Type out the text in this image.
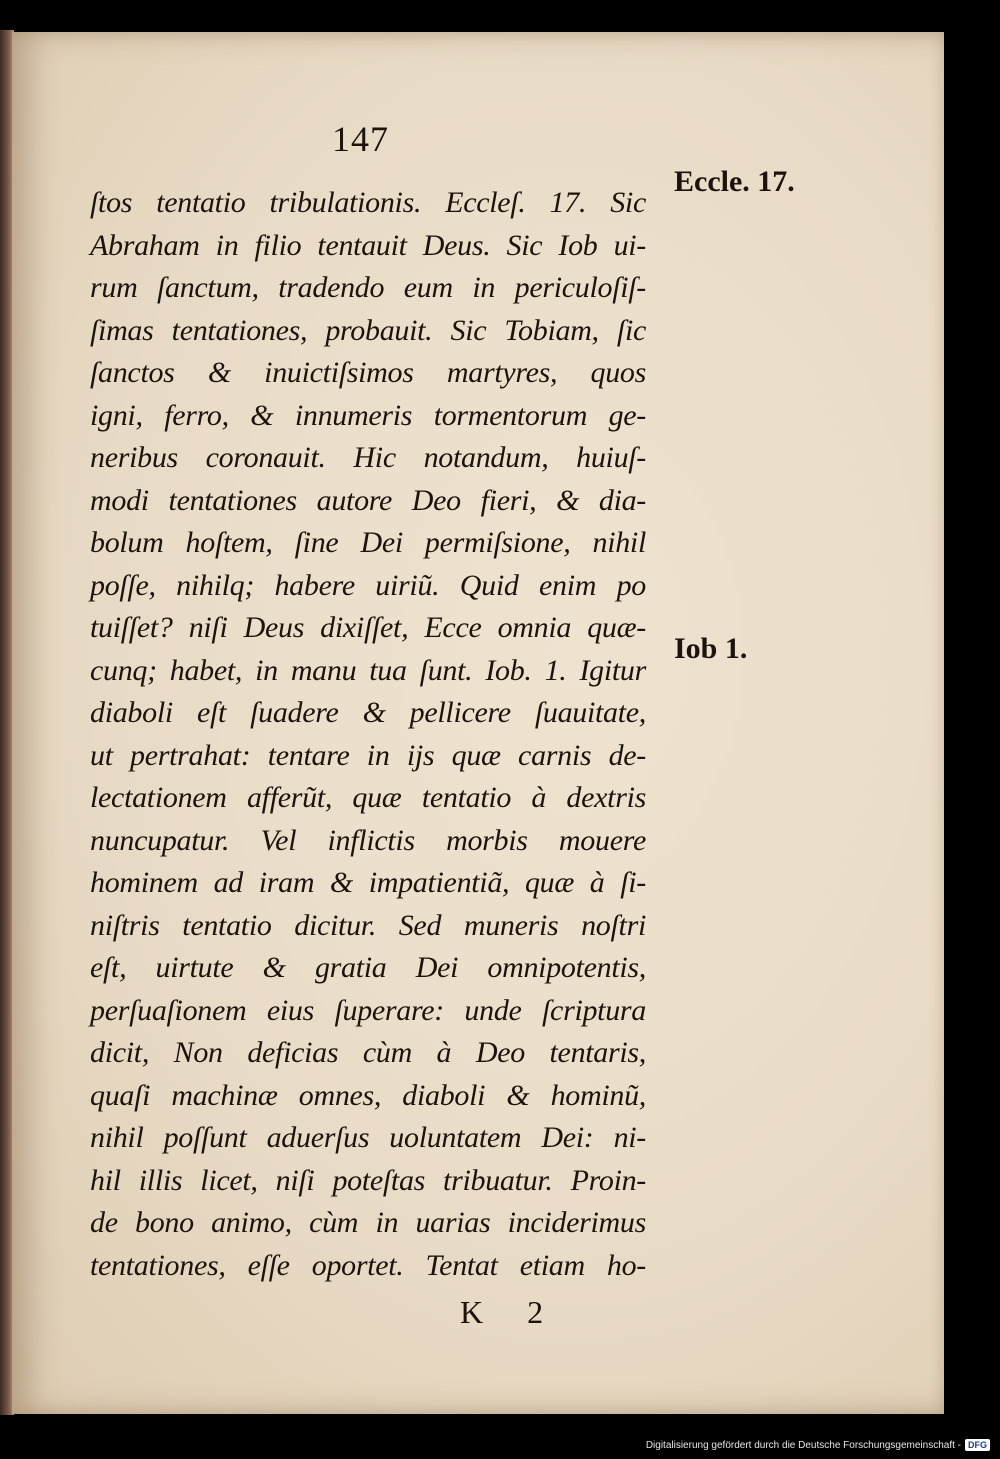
147
ſtos tentatio tribulationis. Eccleſ. 17. Sic
Abraham in filio tentauit Deus. Sic Iob ui-
rum ſanctum, tradendo eum in periculoſiſ-
ſimas tentationes, probauit. Sic Tobiam, ſic
ſanctos & inuictiſsimos martyres, quos
igni, ferro, & innumeris tormentorum ge-
neribus coronauit. Hic notandum, huiuſ-
modi tentationes autore Deo fieri, & dia-
bolum hoſtem, ſine Dei permiſsione, nihil
poſſe, nihilq; habere uiriũ. Quid enim po
tuiſſet? niſi Deus dixiſſet, Ecce omnia quæ-
cunq; habet, in manu tua ſunt. Iob. 1. Igitur
diaboli eſt ſuadere & pellicere ſuauitate,
ut pertrahat: tentare in ijs quæ carnis de-
lectationem afferũt, quæ tentatio à dextris
nuncupatur. Vel inflictis morbis mouere
hominem ad iram & impatientiã, quæ à ſi-
niſtris tentatio dicitur. Sed muneris noſtri
eſt, uirtute & gratia Dei omnipotentis,
perſuaſionem eius ſuperare: unde ſcriptura
dicit, Non deficias cùm à Deo tentaris,
quaſi machinæ omnes, diaboli & hominũ,
nihil poſſunt aduerſus uoluntatem Dei: ni-
hil illis licet, niſi poteſtas tribuatur. Proin-
de bono animo, cùm in uarias inciderimus
tentationes, eſſe oportet. Tentat etiam ho-
Eccle. 17.
Iob 1.
K 2
Digitalisierung gefördert durch die Deutsche Forschungsgemeinschaft - DFG
